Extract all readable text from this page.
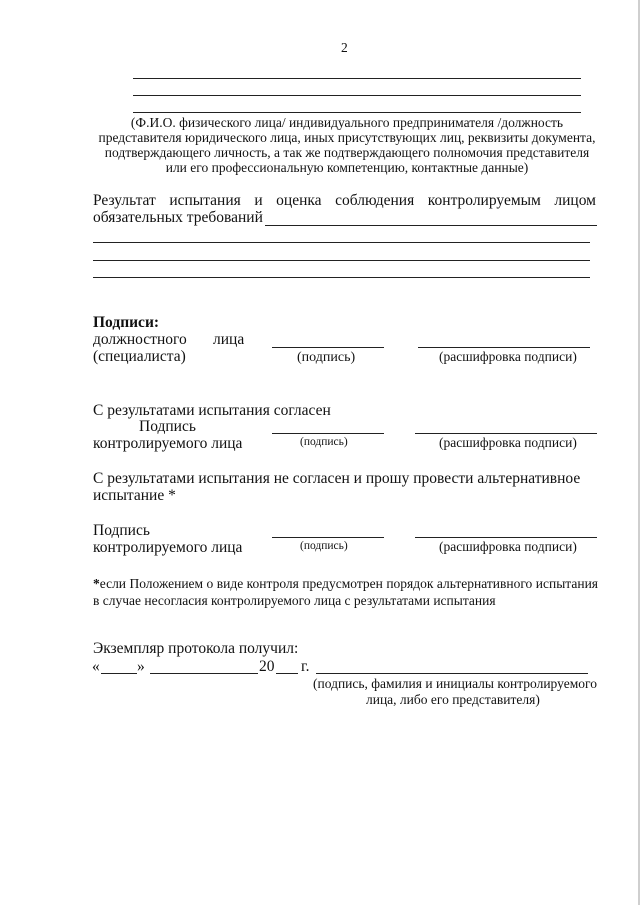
2
(Ф.И.О. физического лица/ индивидуального предпринимателя /должность представителя юридического лица, иных присутствующих лиц, реквизиты документа, подтверждающего личность, а так же подтверждающего полномочия представителя или его профессиональную компетенцию, контактные данные)
Результат испытания и оценка соблюдения контролируемым лицом
обязательных требований
Подписи:
должностного лица
(специалиста)	(подпись)	(расшифровка подписи)
С результатами испытания согласен
Подпись
контролируемого лица	(подпись)	(расшифровка подписи)
С результатами испытания не согласен и прошу провести альтернативное
испытание *
Подпись
контролируемого лица	(подпись)	(расшифровка подписи)
*если Положением о виде контроля предусмотрен порядок альтернативного испытания в случае несогласия контролируемого лица с результатами испытания
Экземпляр протокола получил:
« »	20 г.
(подпись, фамилия и инициалы контролируемого
лица, либо его представителя)
